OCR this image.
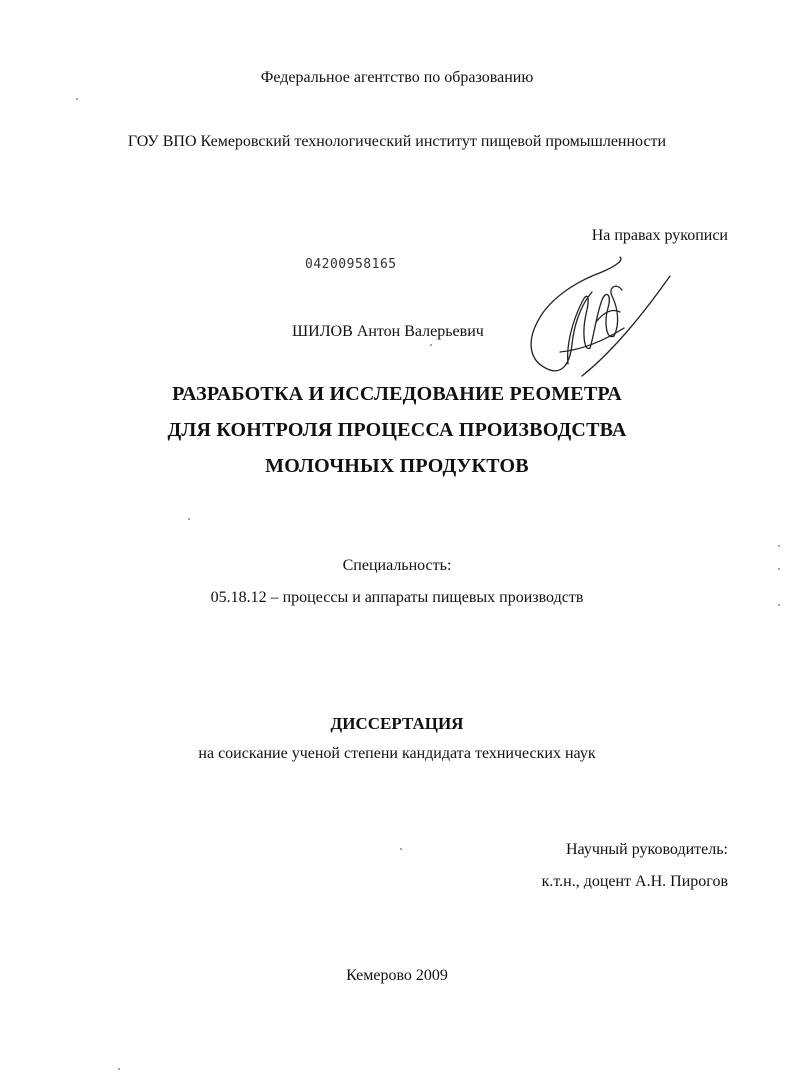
Федеральное агентство по образованию
ГОУ ВПО Кемеровский технологический институт пищевой промышленности
На правах рукописи
04200958165
ШИЛОВ Антон Валерьевич
РАЗРАБОТКА И ИССЛЕДОВАНИЕ РЕОМЕТРА
ДЛЯ КОНТРОЛЯ ПРОЦЕССА ПРОИЗВОДСТВА
МОЛОЧНЫХ ПРОДУКТОВ
Специальность:
05.18.12 – процессы и аппараты пищевых производств
ДИССЕРТАЦИЯ
на соискание ученой степени кандидата технических наук
Научный руководитель:
к.т.н., доцент А.Н. Пирогов
Кемерово 2009
